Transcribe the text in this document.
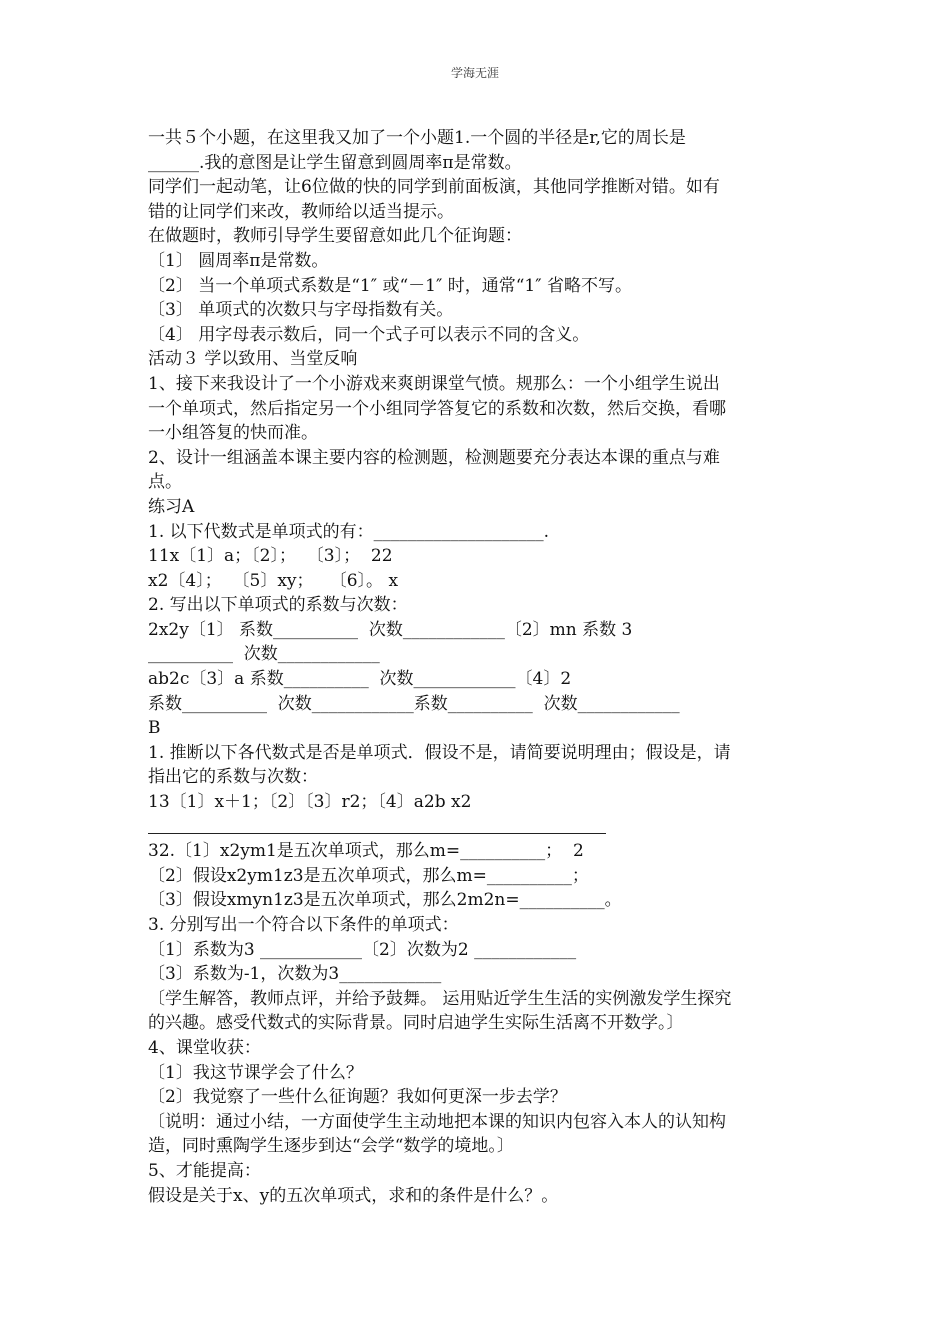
学海无涯
一共５个小题，在这里我又加了一个小题1.一个圆的半径是r,它的周长是
______.我的意图是让学生留意到圆周率π是常数。
同学们一起动笔，让6位做的快的同学到前面板演，其他同学推断对错。如有
错的让同学们来改，教师给以适当提示。
在做题时，教师引导学生要留意如此几个征询题：
〔1〕 圆周率π是常数。
〔2〕 当一个单项式系数是“1″ 或“－1″ 时，通常“1″ 省略不写。
〔3〕 单项式的次数只与字母指数有关。
〔4〕 用字母表示数后，同一个式子可以表示不同的含义。
活动３ 学以致用、当堂反响
1、接下来我设计了一个小游戏来爽朗课堂气愤。规那么：一个小组学生说出
一个单项式，然后指定另一个小组同学答复它的系数和次数，然后交换，看哪
一小组答复的快而准。
2、设计一组涵盖本课主要内容的检测题，检测题要充分表达本课的重点与难
点。
练习A
1. 以下代数式是单项式的有：____________________.
11x〔1〕a；〔2〕；  〔3〕；  22
x2〔4〕；  〔5〕xy；   〔6〕。 x
2. 写出以下单项式的系数与次数：
2x2y〔1〕 系数__________  次数____________〔2〕mn 系数 3
__________  次数____________
ab2c〔3〕a 系数__________  次数____________〔4〕2
系数__________  次数____________系数__________  次数____________
B
1. 推断以下各代数式是否是单项式．假设不是，请简要说明理由；假设是，请
指出它的系数与次数：
13〔1〕x＋1；〔2〕〔3〕r2；〔4〕a2b x2
32.〔1〕x2ym1是五次单项式，那么m=__________；  2
〔2〕假设x2ym1z3是五次单项式，那么m=__________；
〔3〕假设xmyn1z3是五次单项式，那么2m2n=__________。
3. 分别写出一个符合以下条件的单项式：
〔1〕系数为3 ____________〔2〕次数为2 ____________
〔3〕系数为-1，次数为3____________
〔学生解答，教师点评，并给予鼓舞。 运用贴近学生生活的实例激发学生探究
的兴趣。感受代数式的实际背景。同时启迪学生实际生活离不开数学。〕
4、课堂收获：
〔1〕我这节课学会了什么？
〔2〕我觉察了一些什么征询题？我如何更深一步去学？
〔说明：通过小结，一方面使学生主动地把本课的知识内包容入本人的认知构
造，同时熏陶学生逐步到达“会学“数学的境地。〕
5、才能提高：
假设是关于x、y的五次单项式，求和的条件是什么？。
